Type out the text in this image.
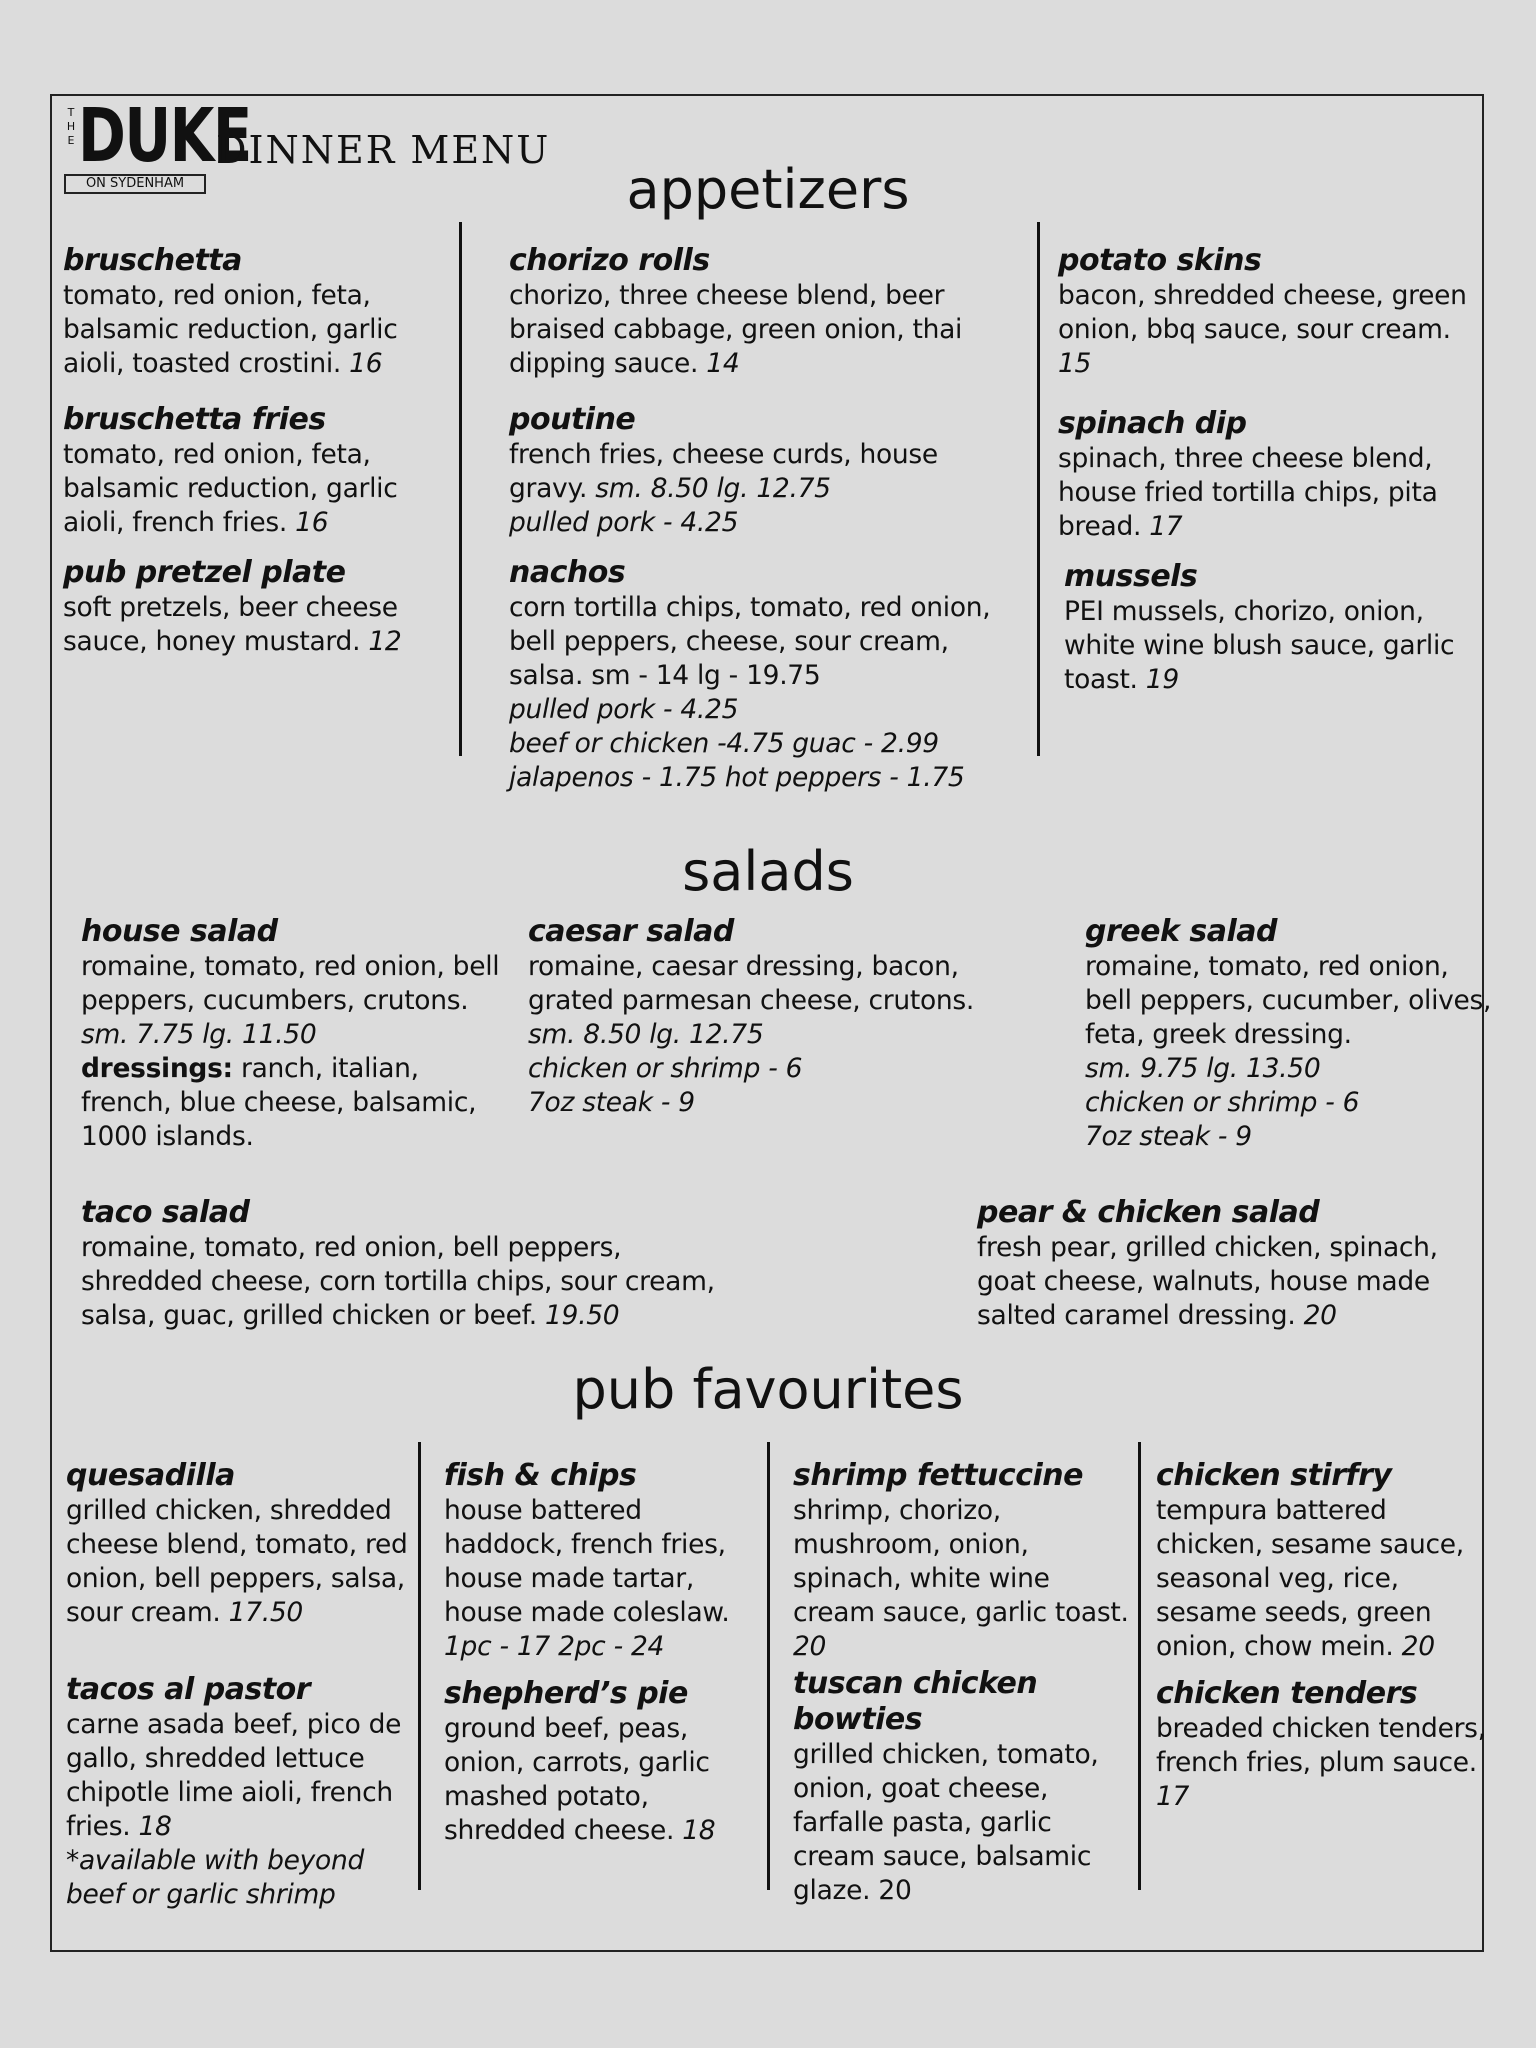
T
H
E DUKE
ON SYDENHAM
DINNER MENU
appetizers
bruschetta

tomato, red onion, feta, balsamic reduction, garlic aioli, toasted crostini. 16

bruschetta fries

tomato, red onion, feta, balsamic reduction, garlic aioli, french fries. 16

pub pretzel plate

soft pretzels, beer cheese sauce, honey mustard. 12

chorizo rolls

chorizo, three cheese blend, beer braised cabbage, green onion, thai dipping sauce. 14

poutine

french fries, cheese curds, house gravy. sm. 8.50 lg. 12.75

pulled pork - 4.25

nachos

corn tortilla chips, tomato, red onion, bell peppers, cheese, sour cream, salsa. sm - 14 lg - 19.75

pulled pork - 4.25

beef or chicken -4.75 guac - 2.99

jalapenos - 1.75 hot peppers - 1.75

potato skins

bacon, shredded cheese, green onion, bbq sauce, sour cream. 15

spinach dip

spinach, three cheese blend, house fried tortilla chips, pita bread. 17

mussels

PEI mussels, chorizo, onion, white wine blush sauce, garlic toast. 19

salads
house salad

romaine, tomato, red onion, bell peppers, cucumbers, crutons. sm. 7.75 lg. 11.50

dressings: ranch, italian, french, blue cheese, balsamic, 1000 islands.

caesar salad

romaine, caesar dressing, bacon, grated parmesan cheese, crutons.

sm. 8.50 lg. 12.75

chicken or shrimp - 6

7oz steak - 9

greek salad

romaine, tomato, red onion, bell peppers, cucumber, olives, feta, greek dressing.

sm. 9.75 lg. 13.50

chicken or shrimp - 6

7oz steak - 9

taco salad

romaine, tomato, red onion, bell peppers, shredded cheese, corn tortilla chips, sour cream, salsa, guac, grilled chicken or beef. 19.50

pear & chicken salad

fresh pear, grilled chicken, spinach, goat cheese, walnuts, house made salted caramel dressing. 20

pub favourites
quesadilla

grilled chicken, shredded cheese blend, tomato, red onion, bell peppers, salsa, sour cream. 17.50

tacos al pastor

carne asada beef, pico de gallo, shredded lettuce chipotle lime aioli, french fries. 18

*available with beyond beef or garlic shrimp

fish & chips

house battered haddock, french fries, house made tartar, house made coleslaw.

1pc - 17 2pc - 24

shepherd’s pie

ground beef, peas, onion, carrots, garlic mashed potato, shredded cheese. 18

shrimp fettuccine

shrimp, chorizo, mushroom, onion, spinach, white wine cream sauce, garlic toast. 20

tuscan chicken bowties

grilled chicken, tomato, onion, goat cheese, farfalle pasta, garlic cream sauce, balsamic glaze. 20

chicken stirfry

tempura battered chicken, sesame sauce, seasonal veg, rice, sesame seeds, green onion, chow mein. 20

chicken tenders

breaded chicken tenders, french fries, plum sauce. 17
